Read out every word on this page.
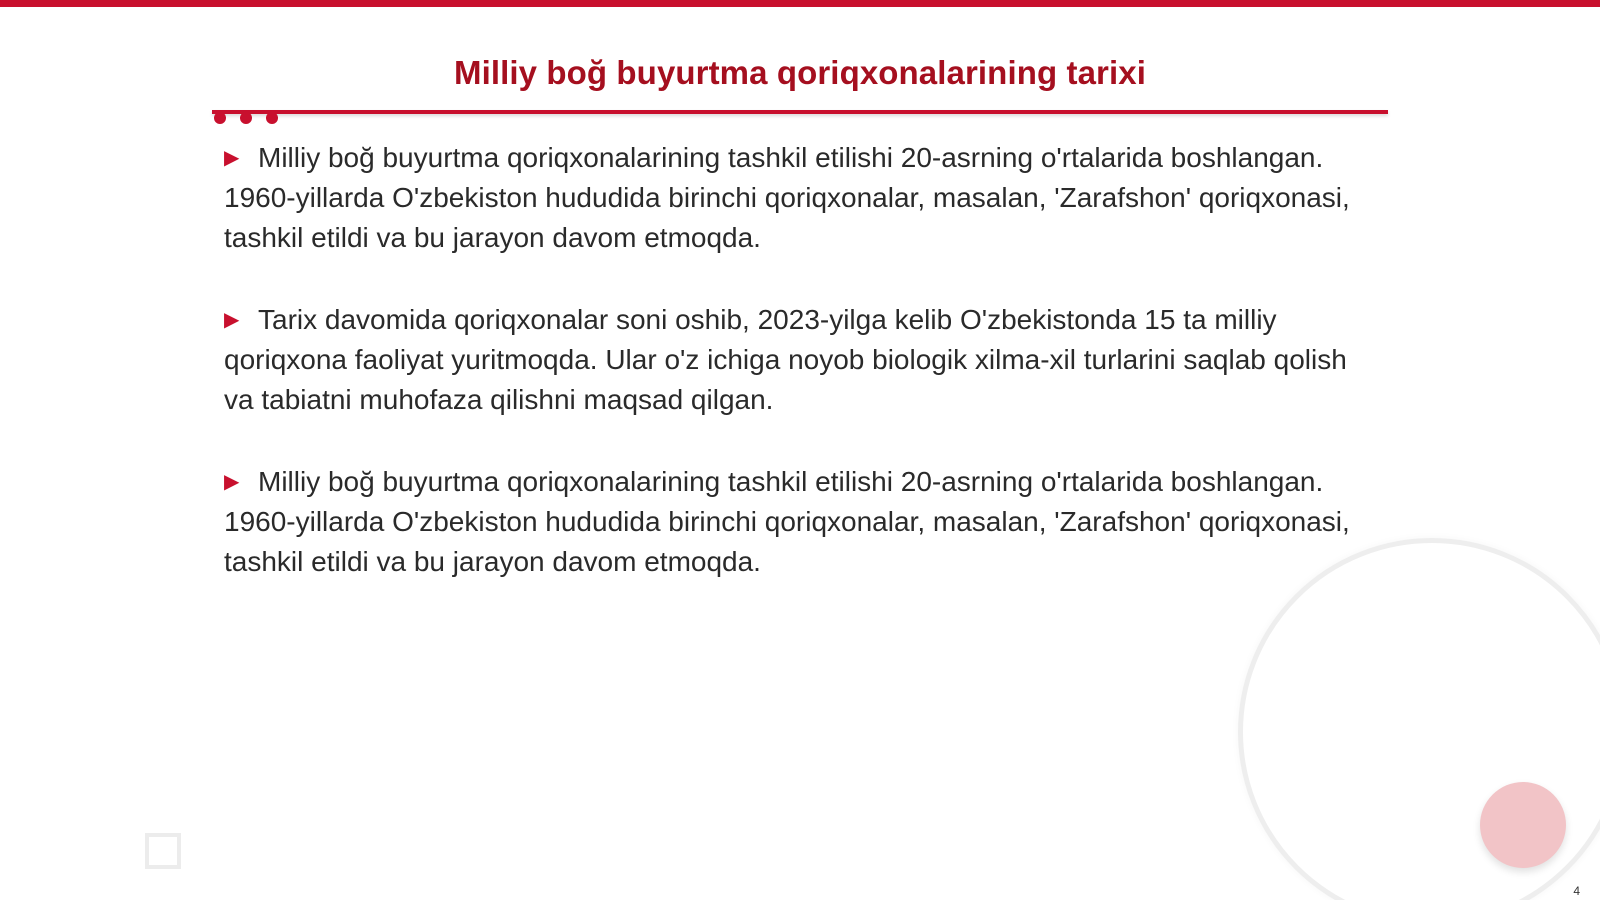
Milliy boğ buyurtma qoriqxonalarining tarixi
▶ Milliy boğ buyurtma qoriqxonalarining tashkil etilishi 20-asrning o'rtalarida boshlangan. 1960-yillarda O'zbekiston hududida birinchi qoriqxonalar, masalan, 'Zarafshon' qoriqxonasi, tashkil etildi va bu jarayon davom etmoqda.
▶ Tarix davomida qoriqxonalar soni oshib, 2023-yilga kelib O'zbekistonda 15 ta milliy qoriqxona faoliyat yuritmoqda. Ular o'z ichiga noyob biologik xilma-xil turlarini saqlab qolish va tabiatni muhofaza qilishni maqsad qilgan.
▶ Milliy boğ buyurtma qoriqxonalarining tashkil etilishi 20-asrning o'rtalarida boshlangan. 1960-yillarda O'zbekiston hududida birinchi qoriqxonalar, masalan, 'Zarafshon' qoriqxonasi, tashkil etildi va bu jarayon davom etmoqda.
4
